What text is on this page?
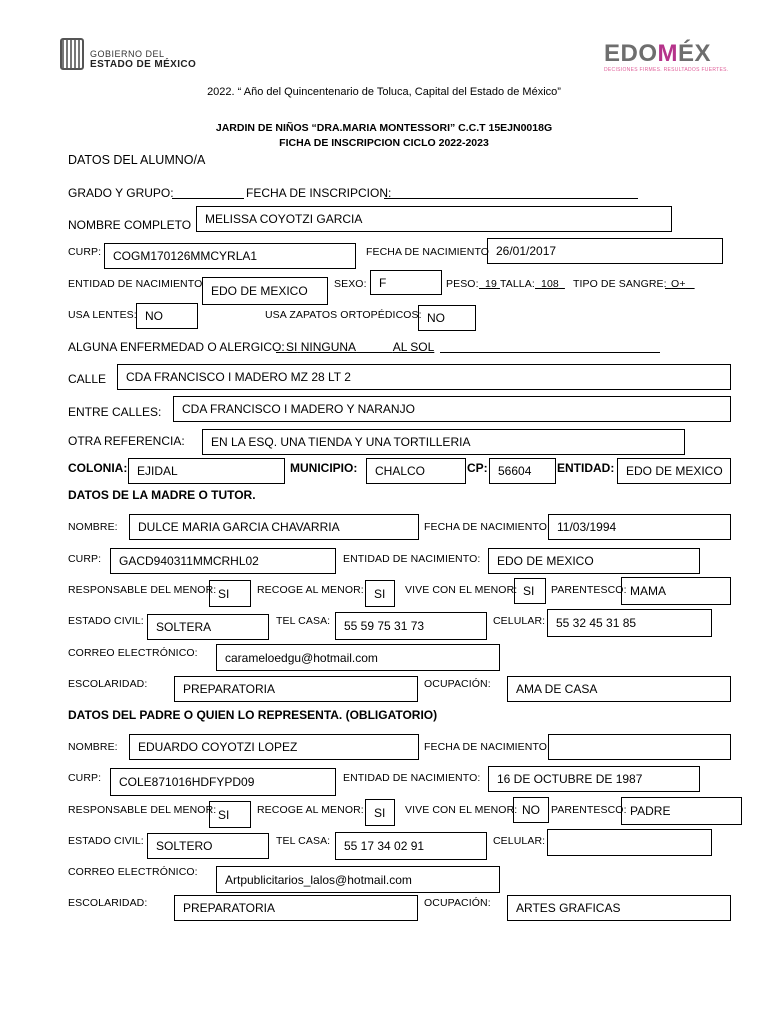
GOBIERNO DEL
ESTADO DE MÉXICO	EDOMÉX
DECISIONES FIRMES. RESULTADOS FUERTES.
2022. “ Año del Quincentenario de Toluca, Capital del Estado de México”
JARDIN DE NIÑOS “DRA.MARIA MONTESSORI” C.C.T 15EJN0018G
FICHA DE INSCRIPCION CICLO 2022-2023
DATOS DEL ALUMNO/A
GRADO Y GRUPO:	FECHA DE INSCRIPCION:
NOMBRE COMPLETO	MELISSA COYOTZI GARCIA
CURP: COGM170126MMCYRLA1	FECHA DE NACIMIENTO 26/01/2017
ENTIDAD DE NACIMIENTO EDO DE MEXICO	SEXO:	F	PESO: 19 TALLA: 108	TIPO DE SANGRE: O+
USA LENTES: NO	USA ZAPATOS ORTOPÉDICOS: NO
ALGUNA ENFERMEDAD O ALERGICO: SI NINGUNA	AL SOL
CALLE	CDA FRANCISCO I MADERO MZ 28 LT 2
ENTRE CALLES:	CDA FRANCISCO I MADERO Y NARANJO
OTRA REFERENCIA:	EN LA ESQ. UNA TIENDA Y UNA TORTILLERIA
COLONIA: EJIDAL	MUNICIPIO:	CHALCO	CP: 56604	ENTIDAD: EDO DE MEXICO
DATOS DE LA MADRE O TUTOR.
NOMBRE:	DULCE MARIA GARCIA CHAVARRIA	FECHA DE NACIMIENTO: 11/03/1994
CURP:	GACD940311MMCRHL02	ENTIDAD DE NACIMIENTO:	EDO DE MEXICO
RESPONSABLE DEL MENOR: SI	RECOGE AL MENOR: SI	VIVE CON EL MENOR: SI	PARENTESCO: MAMA
ESTADO CIVIL:	SOLTERA	TEL CASA:	55 59 75 31 73	CELULAR: 55 32 45 31 85
CORREO ELECTRÓNICO:	carameloedgu@hotmail.com
ESCOLARIDAD:	PREPARATORIA	OCUPACIÓN:	AMA DE CASA
DATOS DEL PADRE O QUIEN LO REPRESENTA. (OBLIGATORIO)
NOMBRE:	EDUARDO COYOTZI LOPEZ	FECHA DE NACIMIENTO:
CURP:	COLE871016HDFYPD09	ENTIDAD DE NACIMIENTO:	16 DE OCTUBRE DE 1987
RESPONSABLE DEL MENOR: SI	RECOGE AL MENOR: SI	VIVE CON EL MENOR: NO	PARENTESCO: PADRE
ESTADO CIVIL:	SOLTERO	TEL CASA:	55 17 34 02 91	CELULAR:
CORREO ELECTRÓNICO:
Artpublicitarios_lalos@hotmail.com
ESCOLARIDAD:	PREPARATORIA	OCUPACIÓN:	ARTES GRAFICAS
